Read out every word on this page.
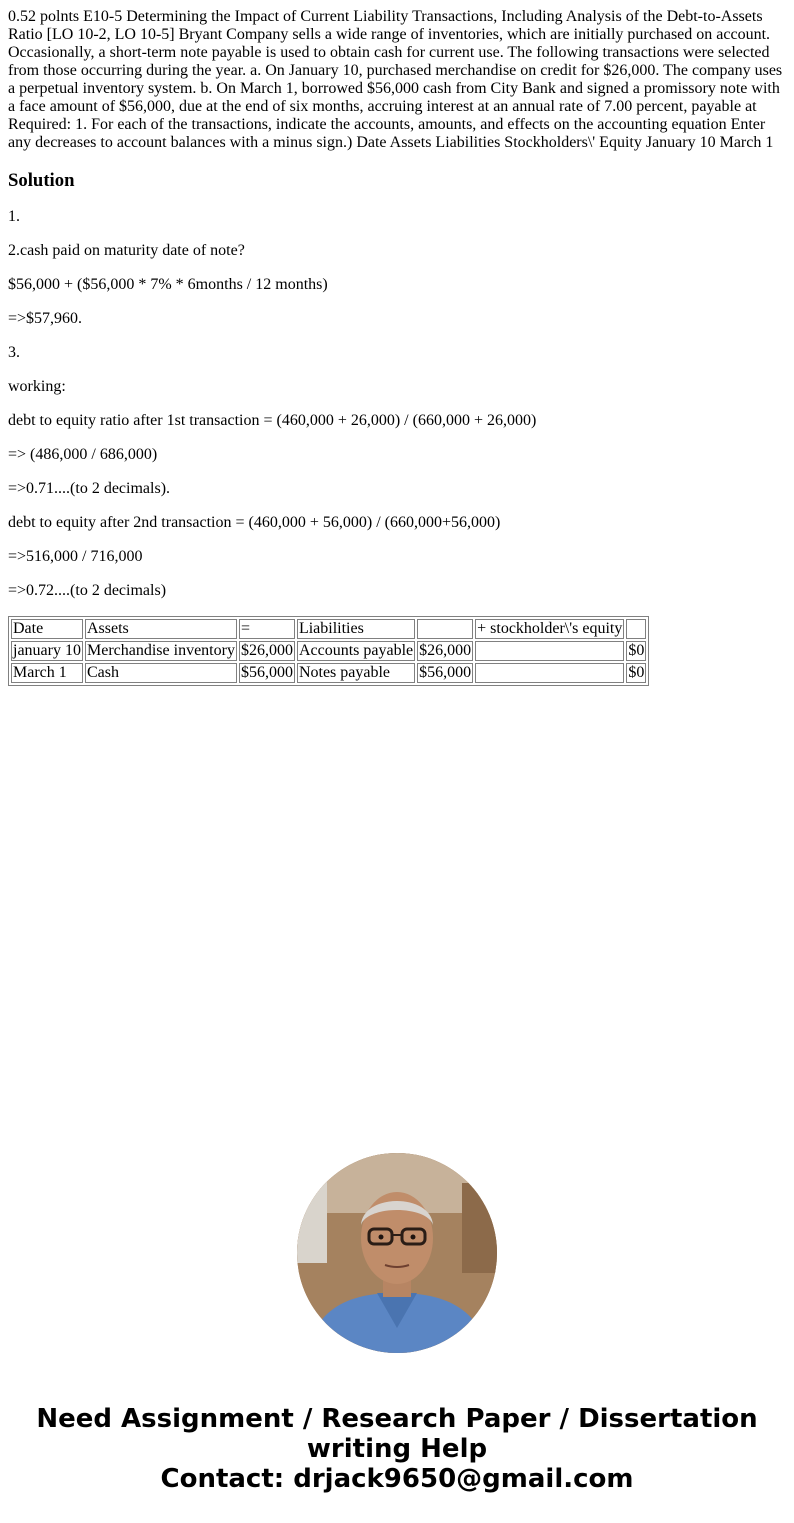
0.52 polnts E10-5 Determining the Impact of Current Liability Transactions, Including Analysis of the Debt-to-Assets Ratio [LO 10-2, LO 10-5] Bryant Company sells a wide range of inventories, which are initially purchased on account. Occasionally, a short-term note payable is used to obtain cash for current use. The following transactions were selected from those occurring during the year. a. On January 10, purchased merchandise on credit for $26,000. The company uses a perpetual inventory system. b. On March 1, borrowed $56,000 cash from City Bank and signed a promissory note with a face amount of $56,000, due at the end of six months, accruing interest at an annual rate of 7.00 percent, payable at Required: 1. For each of the transactions, indicate the accounts, amounts, and effects on the accounting equation Enter any decreases to account balances with a minus sign.) Date Assets Liabilities Stockholders\' Equity January 10 March 1
Solution

1.

2.cash paid on maturity date of note?

$56,000 + ($56,000 * 7% * 6months / 12 months)

=>$57,960.

3.

working:

debt to equity ratio after 1st transaction = (460,000 + 26,000) / (660,000 + 26,000)

=> (486,000 / 686,000)

=>0.71....(to 2 decimals).

debt to equity after 2nd transaction = (460,000 + 56,000) / (660,000+56,000)

=>516,000 / 716,000

=>0.72....(to 2 decimals)

Date	Assets	=	Liabilities		+ stockholder\'s equity	
january 10	Merchandise inventory	$26,000	Accounts payable	$26,000		$0
March 1	Cash	$56,000	Notes payable	$56,000		$0
Need Assignment / Research Paper / Dissertation
writing Help
Contact: drjack9650@gmail.com
